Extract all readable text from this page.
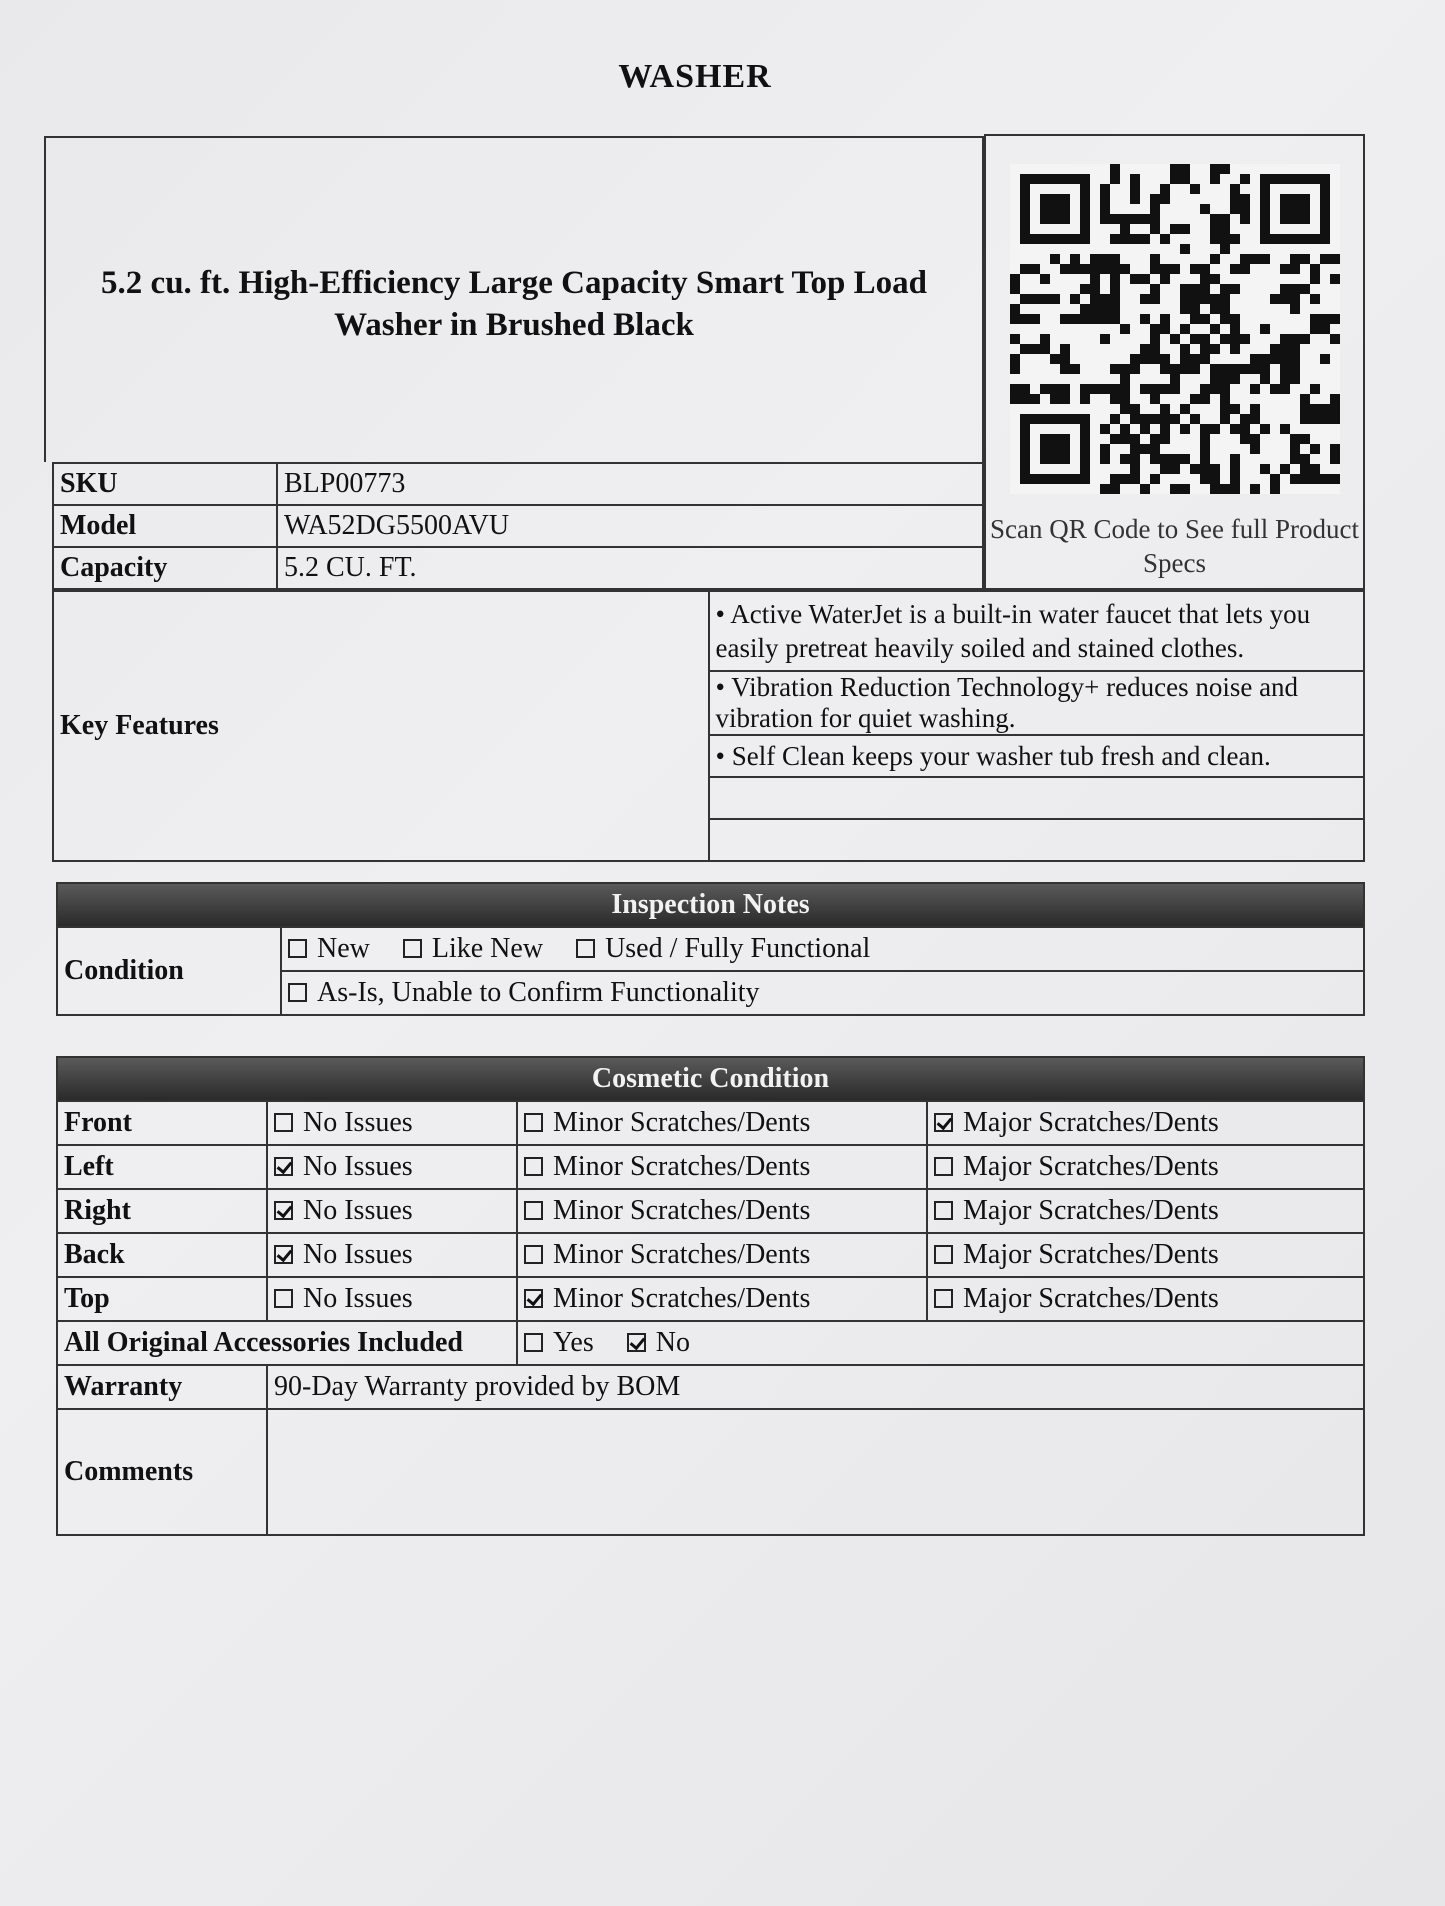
WASHER
5.2 cu. ft. High-Efficiency Large Capacity Smart Top Load Washer in Brushed Black
Scan QR Code to See full Product Specs
SKU	BLP00773
Model	WA52DG5500AVU
Capacity	5.2 CU. FT.
Key Features	• Active WaterJet is a built-in water faucet that lets you easily pretreat heavily soiled and stained clothes.
• Vibration Reduction Technology+ reduces noise and vibration for quiet washing.
• Self Clean keeps your washer tub fresh and clean.

Inspection Notes
Condition	New Like New Used / Fully Functional
As-Is, Unable to Confirm Functionality
Cosmetic Condition			
Front	No Issues	Minor Scratches/Dents	Major Scratches/Dents
Left	No Issues	Minor Scratches/Dents	Major Scratches/Dents
Right	No Issues	Minor Scratches/Dents	Major Scratches/Dents
Back	No Issues	Minor Scratches/Dents	Major Scratches/Dents
Top	No Issues	Minor Scratches/Dents	Major Scratches/Dents
All Original Accessories Included		Yes No	
Warranty	90-Day Warranty provided by BOM		
Comments			
